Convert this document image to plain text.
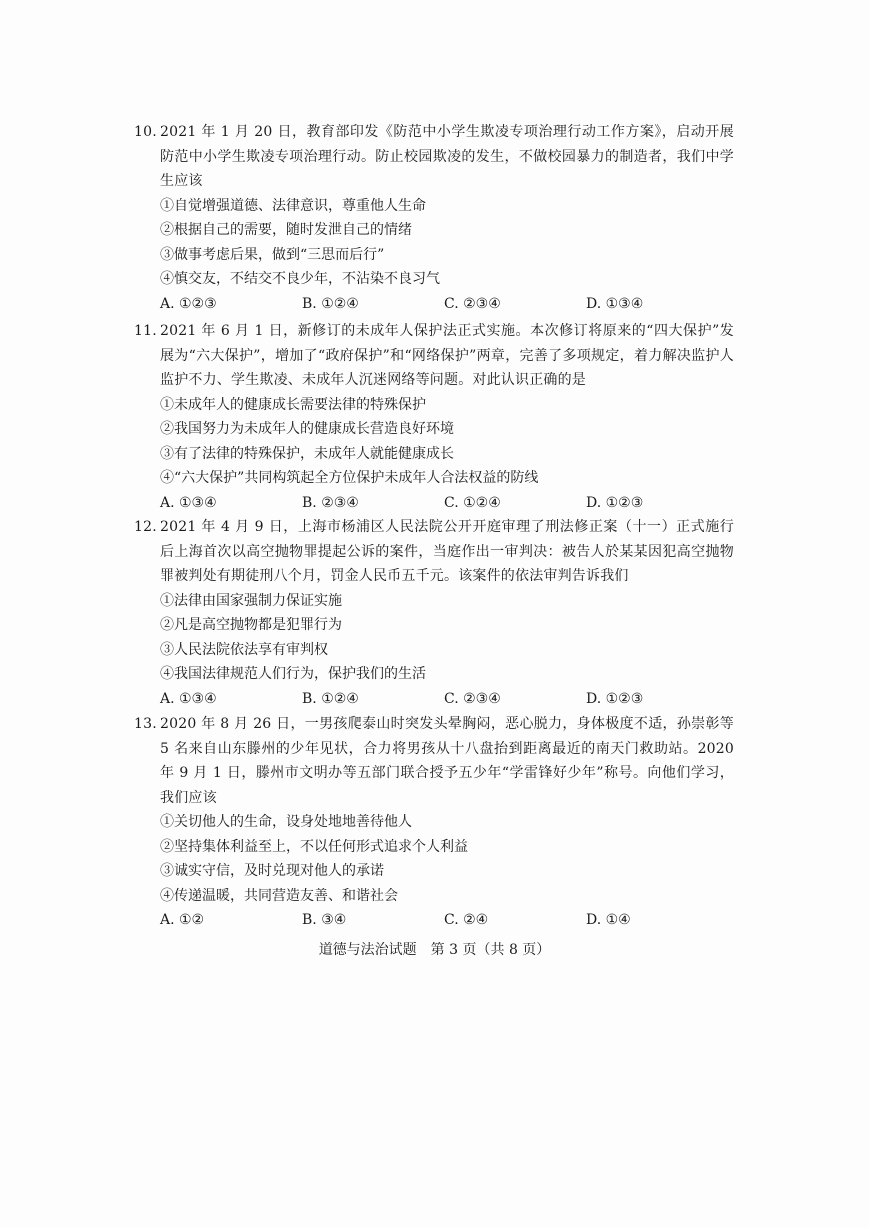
10. 2021 年 1 月 20 日，教育部印发《防范中小学生欺凌专项治理行动工作方案》，启动开展防范中小学生欺凌专项治理行动。防止校园欺凌的发生，不做校园暴力的制造者，我们中学生应该
①自觉增强道德、法律意识，尊重他人生命
②根据自己的需要，随时发泄自己的情绪
③做事考虑后果，做到“三思而后行”
④慎交友，不结交不良少年，不沾染不良习气
A. ①②③	B. ①②④	C. ②③④	D. ①③④
11. 2021 年 6 月 1 日，新修订的未成年人保护法正式实施。本次修订将原来的“四大保护”发展为“六大保护”，增加了“政府保护”和“网络保护”两章，完善了多项规定，着力解决监护人监护不力、学生欺凌、未成年人沉迷网络等问题。对此认识正确的是
①未成年人的健康成长需要法律的特殊保护
②我国努力为未成年人的健康成长营造良好环境
③有了法律的特殊保护，未成年人就能健康成长
④“六大保护”共同构筑起全方位保护未成年人合法权益的防线
A. ①③④	B. ②③④	C. ①②④	D. ①②③
12. 2021 年 4 月 9 日，上海市杨浦区人民法院公开开庭审理了刑法修正案（十一）正式施行后上海首次以高空抛物罪提起公诉的案件，当庭作出一审判决：被告人於某某因犯高空抛物罪被判处有期徒刑八个月，罚金人民币五千元。该案件的依法审判告诉我们
①法律由国家强制力保证实施
②凡是高空抛物都是犯罪行为
③人民法院依法享有审判权
④我国法律规范人们行为，保护我们的生活
A. ①③④	B. ①②④	C. ②③④	D. ①②③
13. 2020 年 8 月 26 日，一男孩爬泰山时突发头晕胸闷，恶心脱力，身体极度不适，孙崇彰等 5 名来自山东滕州的少年见状，合力将男孩从十八盘抬到距离最近的南天门救助站。2020 年 9 月 1 日，滕州市文明办等五部门联合授予五少年“学雷锋好少年”称号。向他们学习，我们应该
①关切他人的生命，设身处地地善待他人
②坚持集体利益至上，不以任何形式追求个人利益
③诚实守信，及时兑现对他人的承诺
④传递温暖，共同营造友善、和谐社会
A. ①②	B. ③④	C. ②④	D. ①④
道德与法治试题　第 3 页（共 8 页）
